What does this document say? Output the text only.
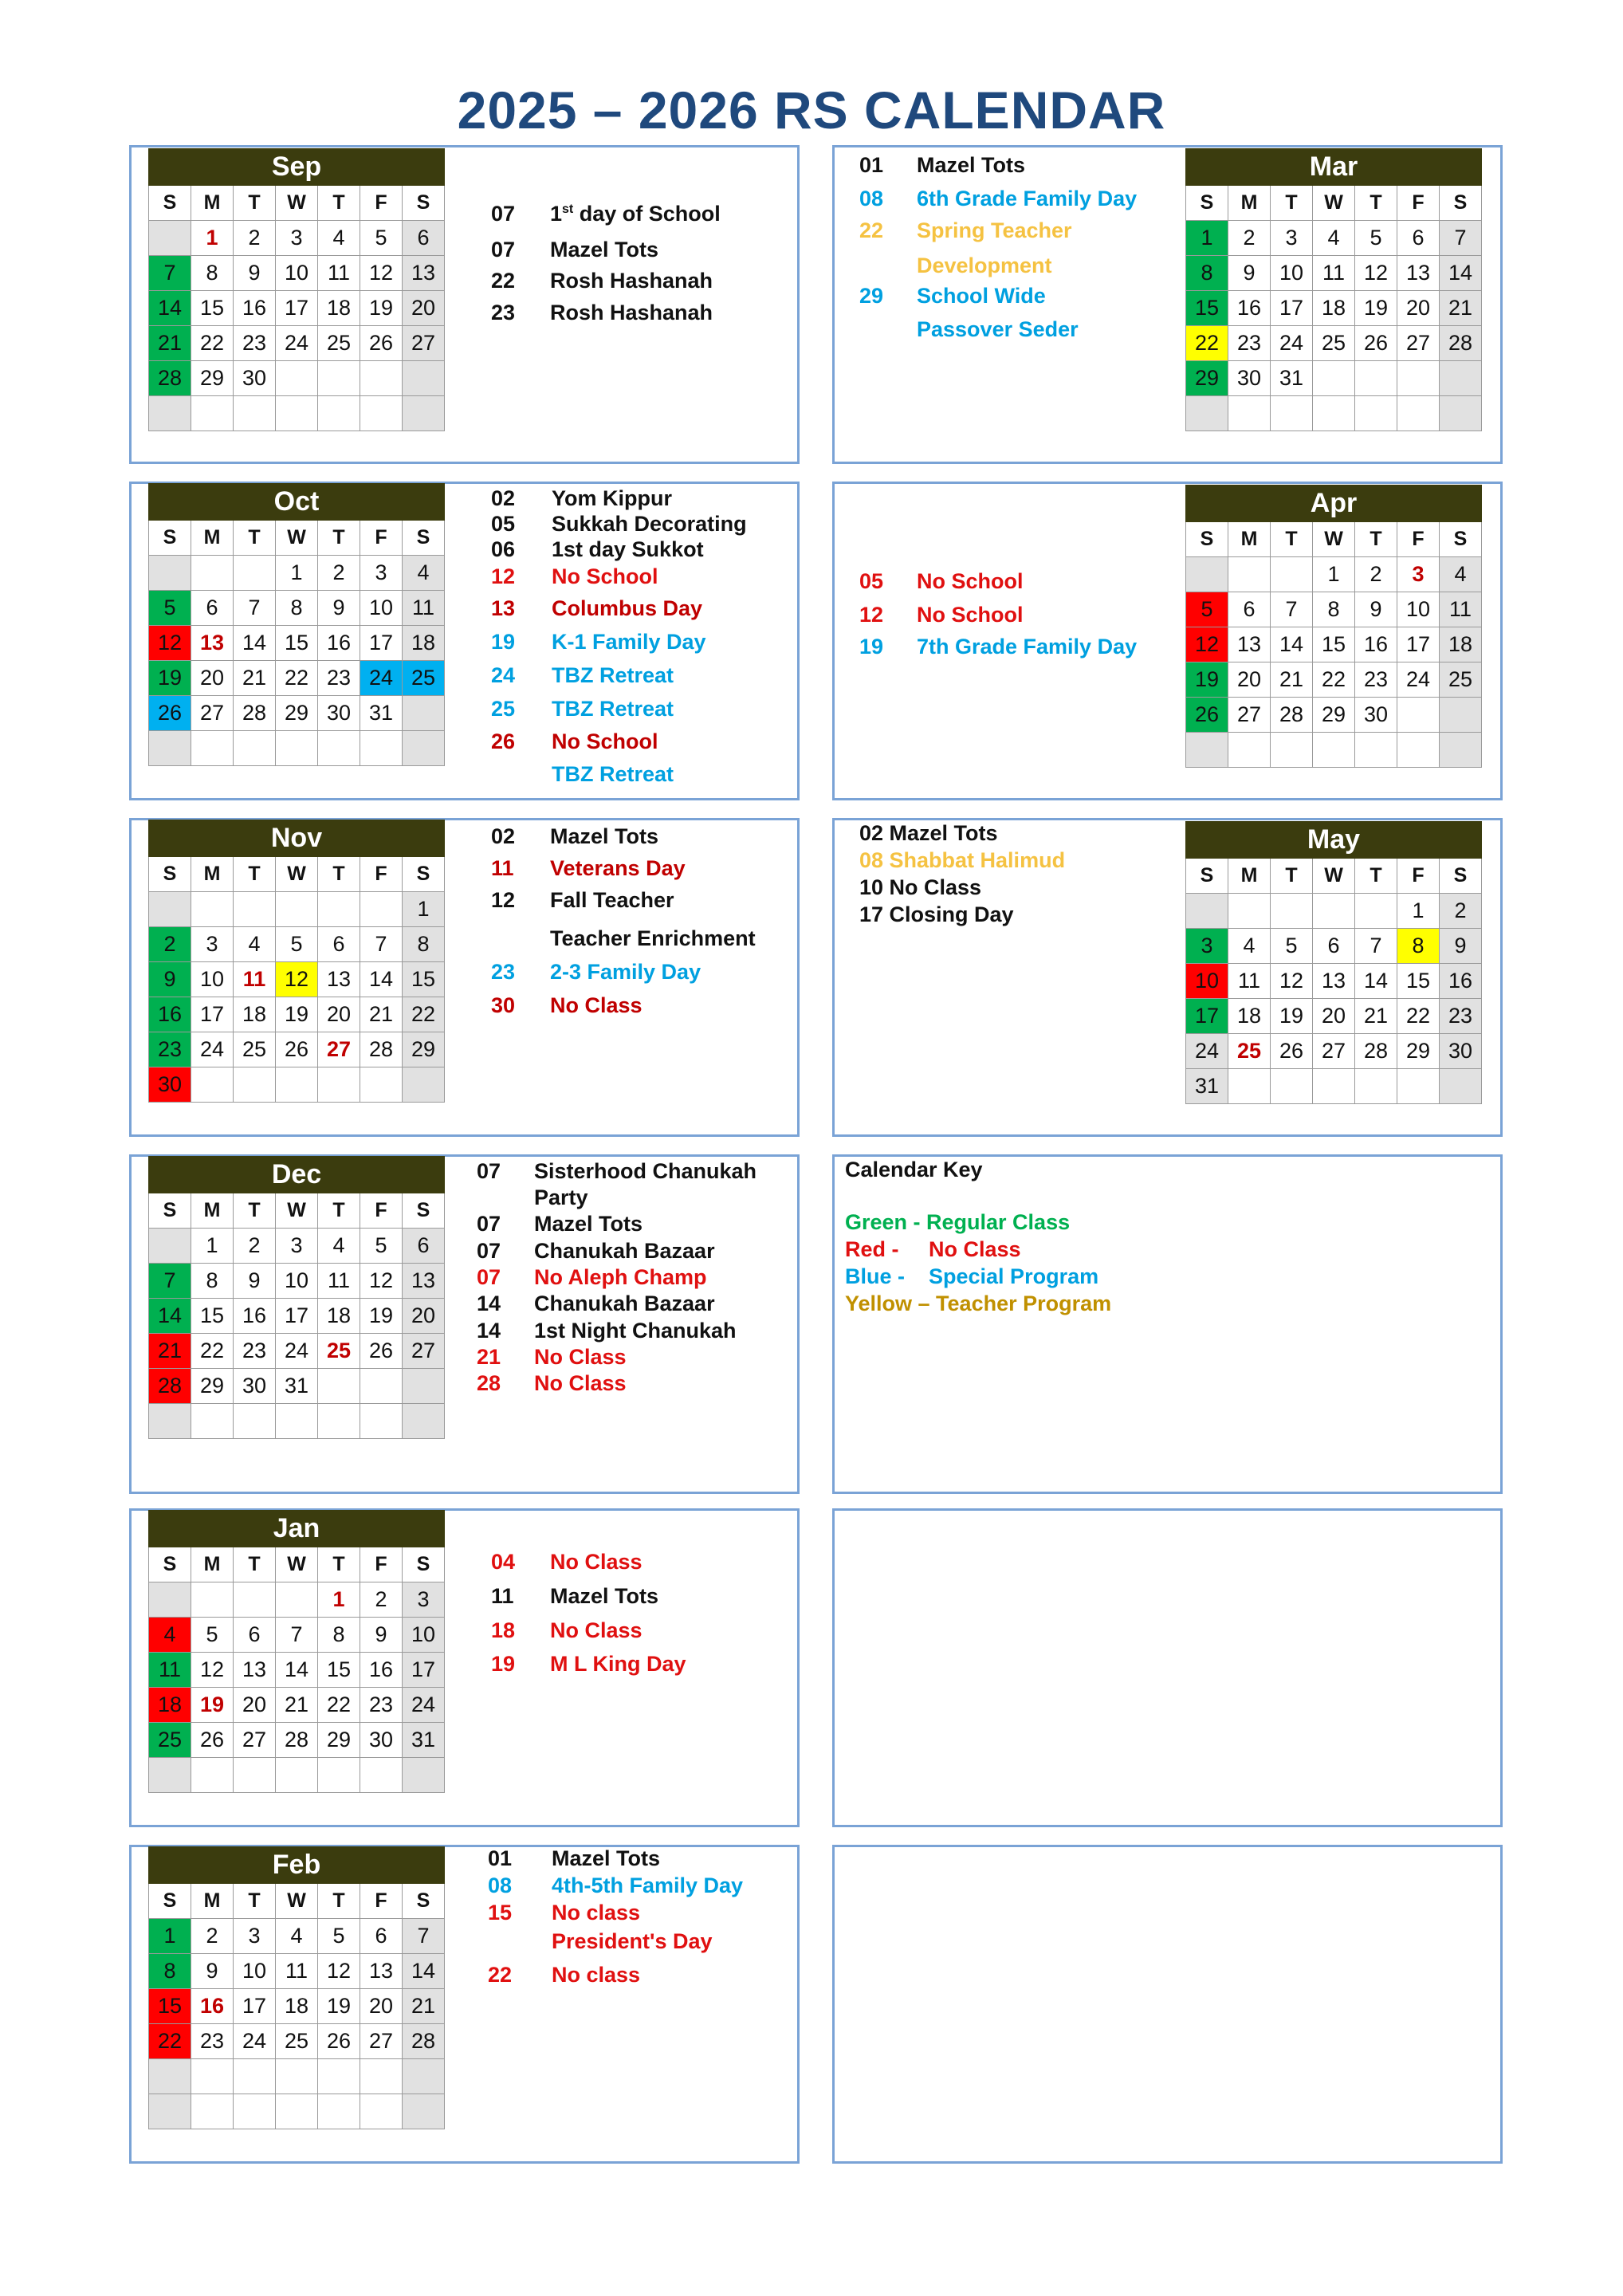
2025 – 2026 RS CALENDAR
Sep						
S	M	T	W	T	F	S
	1	2	3	4	5	6
7	8	9	10	11	12	13
14	15	16	17	18	19	20
21	22	23	24	25	26	27
28	29	30				

07 1st day of School
07 Mazel Tots
22 Rosh Hashanah
23 Rosh Hashanah
Oct						
S	M	T	W	T	F	S
			1	2	3	4
5	6	7	8	9	10	11
12	13	14	15	16	17	18
19	20	21	22	23	24	25
26	27	28	29	30	31	

02 Yom Kippur
05 Sukkah Decorating
06 1st day Sukkot
12 No School
13 Columbus Day
19 K-1 Family Day
24 TBZ Retreat
25 TBZ Retreat
26 No School
TBZ Retreat
Nov						
S	M	T	W	T	F	S
						1
2	3	4	5	6	7	8
9	10	11	12	13	14	15
16	17	18	19	20	21	22
23	24	25	26	27	28	29
30						
02 Mazel Tots
11 Veterans Day
12 Fall Teacher
Teacher Enrichment
23 2-3 Family Day
30 No Class
Dec						
S	M	T	W	T	F	S
	1	2	3	4	5	6
7	8	9	10	11	12	13
14	15	16	17	18	19	20
21	22	23	24	25	26	27
28	29	30	31			

07 Sisterhood Chanukah
Party
07 Mazel Tots
07 Chanukah Bazaar
07 No Aleph Champ
14 Chanukah Bazaar
14 1st Night Chanukah
21 No Class
28 No Class
Jan						
S	M	T	W	T	F	S
				1	2	3
4	5	6	7	8	9	10
11	12	13	14	15	16	17
18	19	20	21	22	23	24
25	26	27	28	29	30	31

04 No Class
11 Mazel Tots
18 No Class
19 M L King Day
Feb						
S	M	T	W	T	F	S
1	2	3	4	5	6	7
8	9	10	11	12	13	14
15	16	17	18	19	20	21
22	23	24	25	26	27	28

01 Mazel Tots
08 4th-5th Family Day
15 No class
President's Day
22 No class
Mar						
S	M	T	W	T	F	S
1	2	3	4	5	6	7
8	9	10	11	12	13	14
15	16	17	18	19	20	21
22	23	24	25	26	27	28
29	30	31				

01 Mazel Tots
08 6th Grade Family Day
22 Spring Teacher
Development
29 School Wide
Passover Seder
Apr						
S	M	T	W	T	F	S
			1	2	3	4
5	6	7	8	9	10	11
12	13	14	15	16	17	18
19	20	21	22	23	24	25
26	27	28	29	30		

05 No School
12 No School
19 7th Grade Family Day
May						
S	M	T	W	T	F	S
					1	2
3	4	5	6	7	8	9
10	11	12	13	14	15	16
17	18	19	20	21	22	23
24	25	26	27	28	29	30
31						
02 Mazel Tots
08 Shabbat Halimud
10 No Class
17 Closing Day
Calendar Key
Green - Regular Class
Red -     No Class
Blue -    Special Program
Yellow – Teacher Program
